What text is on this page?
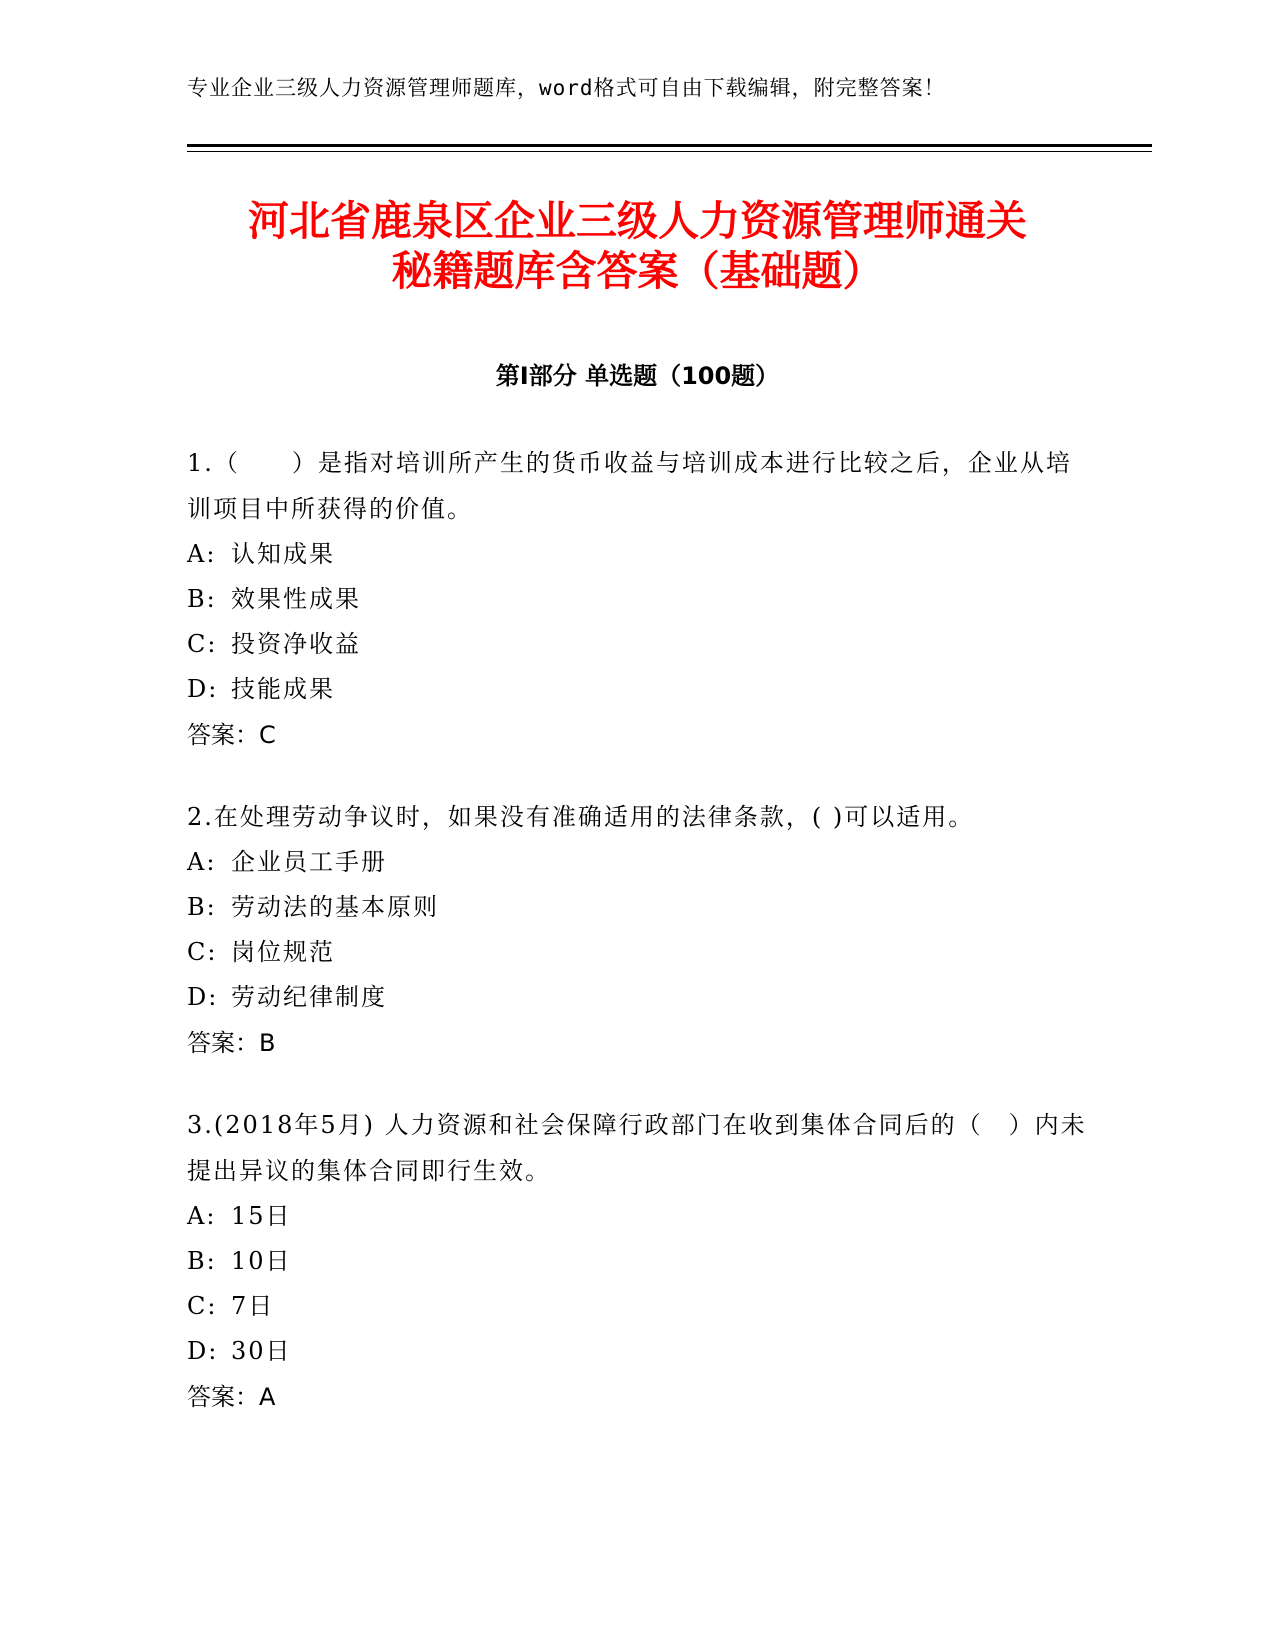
专业企业三级人力资源管理师题库，word格式可自由下载编辑，附完整答案！
河北省鹿泉区企业三级人力资源管理师通关
秘籍题库含答案（基础题）
第Ⅰ部分 单选题（100题）

1.（　　）是指对培训所产生的货币收益与培训成本进行比较之后，企业从培训项目中所获得的价值。

A: 认知成果
B: 效果性成果
C: 投资净收益
D: 技能成果

答案：C

2.在处理劳动争议时，如果没有准确适用的法律条款，( )可以适用。

A: 企业员工手册
B: 劳动法的基本原则
C: 岗位规范
D: 劳动纪律制度

答案：B

3.(2018年5月) 人力资源和社会保障行政部门在收到集体合同后的（　）内未提出异议的集体合同即行生效。

A: 15日
B: 10日
C: 7日
D: 30日

答案：A
